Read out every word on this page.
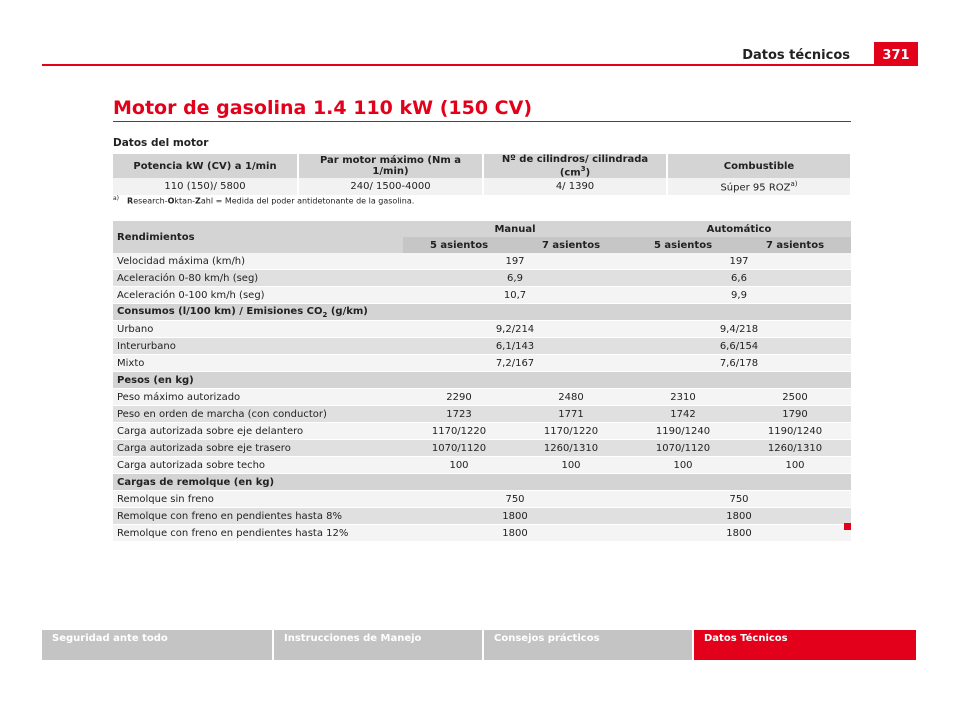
Datos técnicos	371
Motor de gasolina 1.4 110 kW (150 CV)
Datos del motor
Potencia kW (CV) a 1/min	Par motor máximo (Nm a 1/min)	Nº de cilindros/ cilindrada $(cm^3)$	Combustible
110 (150)/ 5800	240/ 1500-4000	4/ 1390	Súper 95 ROZ$^{a)}$
$^{a)}$ Research-Oktan-Zahl = Medida del poder antidetonante de la gasolina.
Rendimientos	Manual		Automático	
	5 asientos	7 asientos	5 asientos	7 asientos
Velocidad máxima (km/h)	197		197	
Aceleración 0-80 km/h (seg)	6,9		6,6	
Aceleración 0-100 km/h (seg)	10,7		9,9	
Consumos (l/100 km) / Emisiones $CO_2$ (g/km)				
Urbano	9,2/214		9,4/218	
Interurbano	6,1/143		6,6/154	
Mixto	7,2/167		7,6/178	
Pesos (en kg)				
Peso máximo autorizado	2290	2480	2310	2500
Peso en orden de marcha (con conductor)	1723	1771	1742	1790
Carga autorizada sobre eje delantero	1170/1220	1170/1220	1190/1240	1190/1240
Carga autorizada sobre eje trasero	1070/1120	1260/1310	1070/1120	1260/1310
Carga autorizada sobre techo	100	100	100	100
Cargas de remolque (en kg)				
Remolque sin freno	750		750	
Remolque con freno en pendientes hasta 8%	1800		1800	
Remolque con freno en pendientes hasta 12%	1800		1800	
Seguridad ante todo	Instrucciones de Manejo	Consejos prácticos	Datos Técnicos
